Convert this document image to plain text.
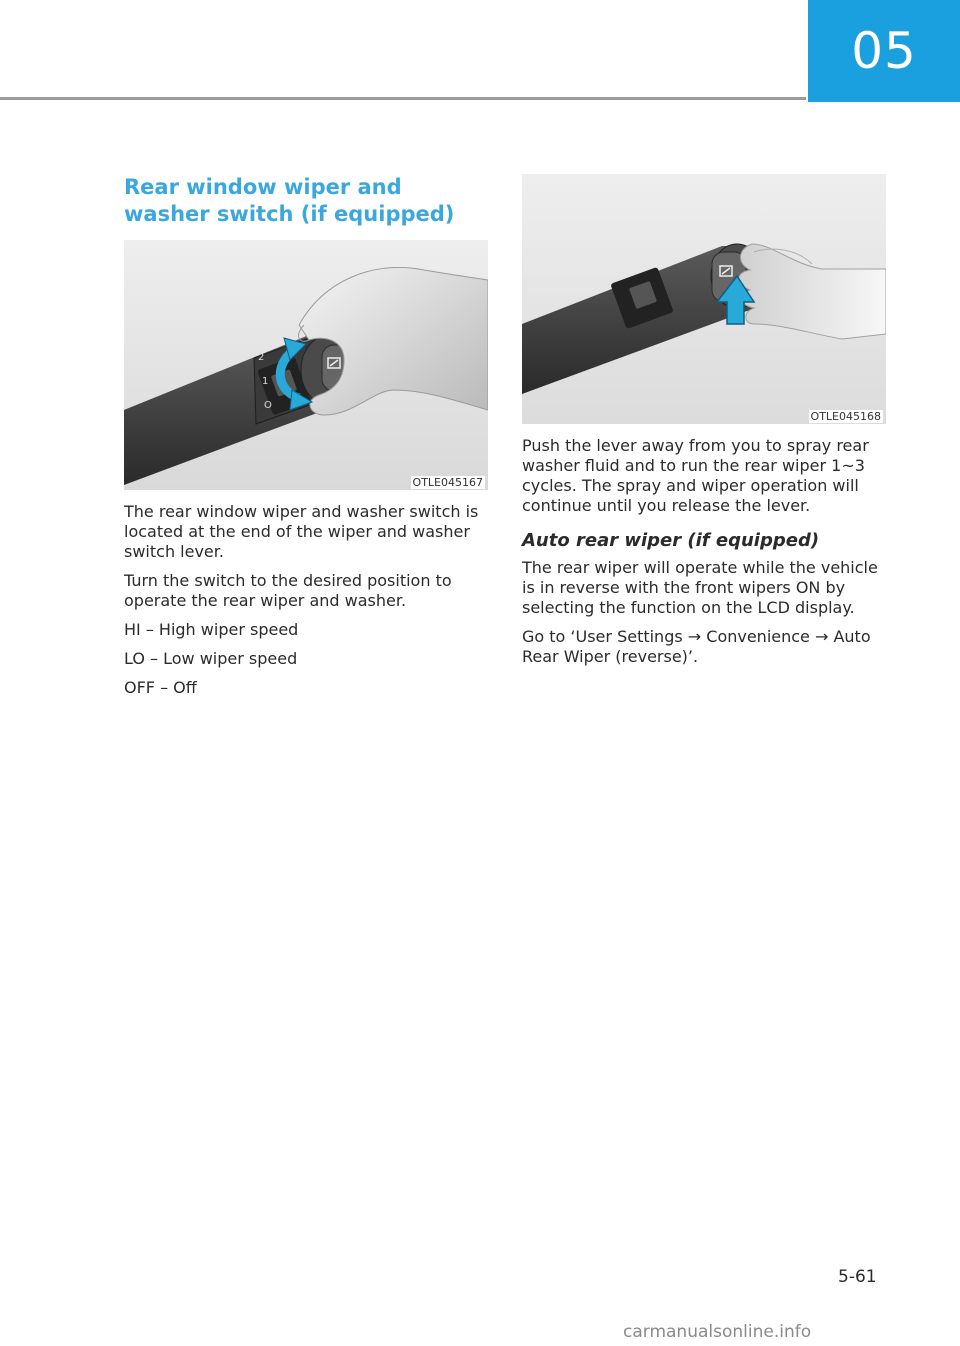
05
Rear window wiper and washer switch (if equipped)
2
1
O
OTLE045167

The rear window wiper and washer switch is located at the end of the wiper and washer switch lever.

Turn the switch to the desired position to operate the rear wiper and washer.

HI – High wiper speed

LO – Low wiper speed

OFF – Off

OTLE045168

Push the lever away from you to spray rear washer fluid and to run the rear wiper 1~3 cycles. The spray and wiper operation will continue until you release the lever.

Auto rear wiper (if equipped)

The rear wiper will operate while the vehicle is in reverse with the front wipers ON by selecting the function on the LCD display.

Go to ‘User Settings → Convenience → Auto Rear Wiper (reverse)’.

5-61
carmanualsonline.info
